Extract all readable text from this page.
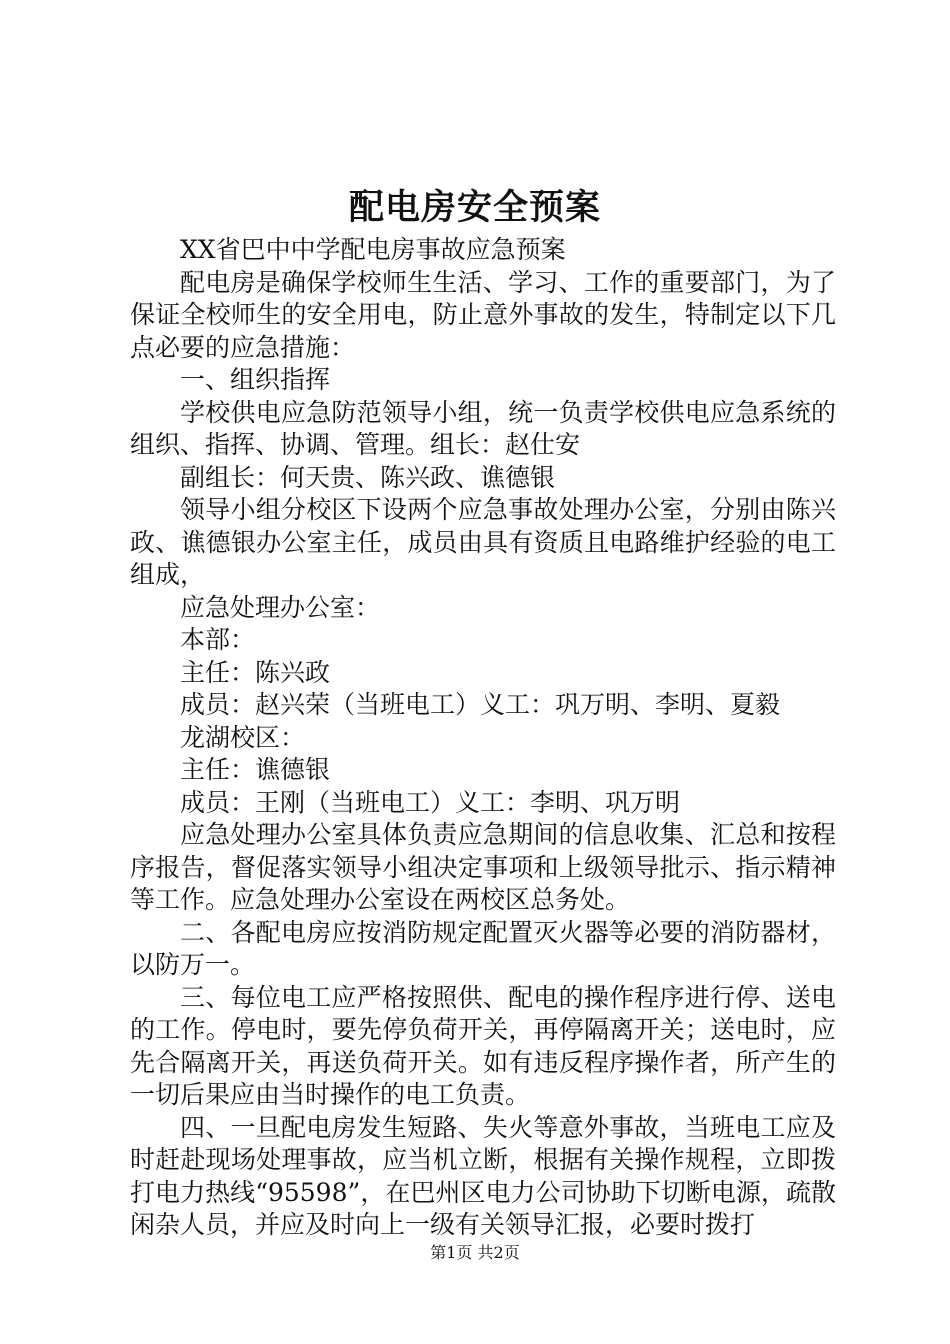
配电房安全预案

XX省巴中中学配电房事故应急预案

配电房是确保学校师生生活、学习、工作的重要部门，为了保证全校师生的安全用电，防止意外事故的发生，特制定以下几点必要的应急措施：

一、组织指挥

学校供电应急防范领导小组，统一负责学校供电应急系统的组织、指挥、协调、管理。组长：赵仕安

副组长：何天贵、陈兴政、谯德银

领导小组分校区下设两个应急事故处理办公室，分别由陈兴政、谯德银办公室主任，成员由具有资质且电路维护经验的电工组成，

应急处理办公室：

本部：

主任：陈兴政

成员：赵兴荣（当班电工）义工：巩万明、李明、夏毅

龙湖校区：

主任：谯德银

成员：王刚（当班电工）义工：李明、巩万明

应急处理办公室具体负责应急期间的信息收集、汇总和按程序报告，督促落实领导小组决定事项和上级领导批示、指示精神等工作。应急处理办公室设在两校区总务处。

二、各配电房应按消防规定配置灭火器等必要的消防器材，以防万一。

三、每位电工应严格按照供、配电的操作程序进行停、送电的工作。停电时，要先停负荷开关，再停隔离开关；送电时，应先合隔离开关，再送负荷开关。如有违反程序操作者，所产生的一切后果应由当时操作的电工负责。

四、一旦配电房发生短路、失火等意外事故，当班电工应及时赶赴现场处理事故，应当机立断，根据有关操作规程，立即拨打电力热线“95598”，在巴州区电力公司协助下切断电源，疏散闲杂人员，并应及时向上一级有关领导汇报，必要时拨打

第1页 共2页
